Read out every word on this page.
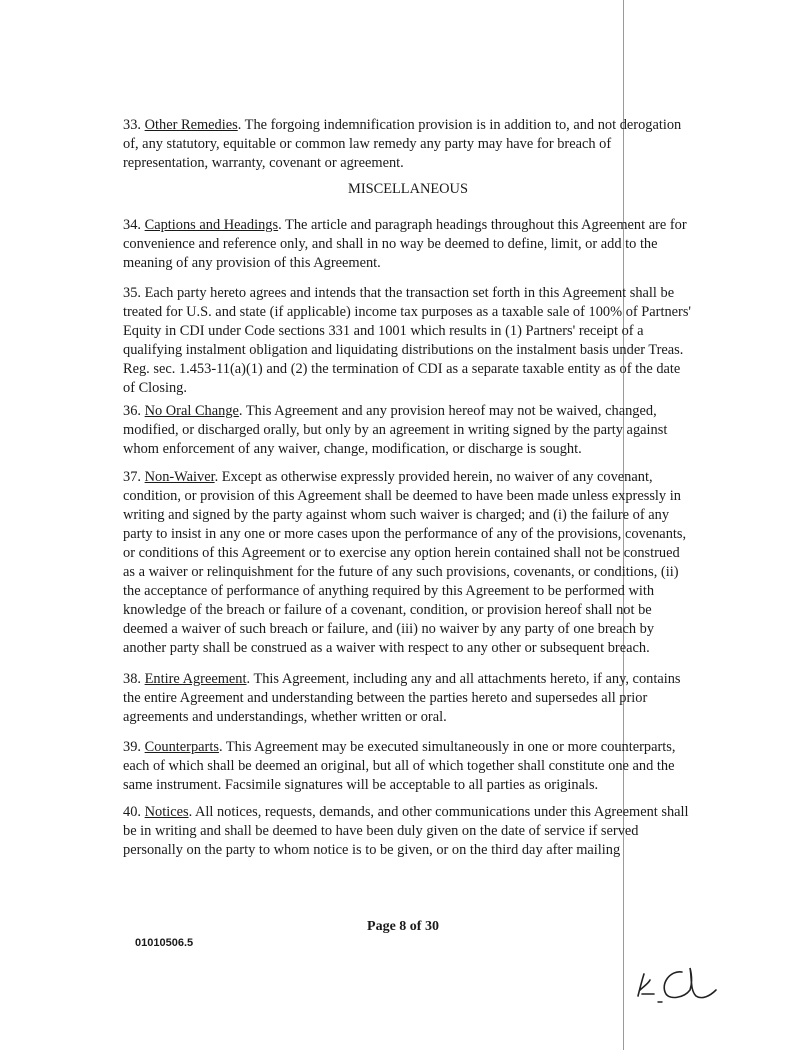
33. Other Remedies. The forgoing indemnification provision is in addition to, and not derogation of, any statutory, equitable or common law remedy any party may have for breach of representation, warranty, covenant or agreement.
MISCELLANEOUS
34. Captions and Headings. The article and paragraph headings throughout this Agreement are for convenience and reference only, and shall in no way be deemed to define, limit, or add to the meaning of any provision of this Agreement.
35. Each party hereto agrees and intends that the transaction set forth in this Agreement shall be treated for U.S. and state (if applicable) income tax purposes as a taxable sale of 100% of Partners' Equity in CDI under Code sections 331 and 1001 which results in (1) Partners' receipt of a qualifying instalment obligation and liquidating distributions on the instalment basis under Treas. Reg. sec. 1.453-11(a)(1) and (2) the termination of CDI as a separate taxable entity as of the date of Closing.
36. No Oral Change. This Agreement and any provision hereof may not be waived, changed, modified, or discharged orally, but only by an agreement in writing signed by the party against whom enforcement of any waiver, change, modification, or discharge is sought.
37. Non-Waiver. Except as otherwise expressly provided herein, no waiver of any covenant, condition, or provision of this Agreement shall be deemed to have been made unless expressly in writing and signed by the party against whom such waiver is charged; and (i) the failure of any party to insist in any one or more cases upon the performance of any of the provisions, covenants, or conditions of this Agreement or to exercise any option herein contained shall not be construed as a waiver or relinquishment for the future of any such provisions, covenants, or conditions, (ii) the acceptance of performance of anything required by this Agreement to be performed with knowledge of the breach or failure of a covenant, condition, or provision hereof shall not be deemed a waiver of such breach or failure, and (iii) no waiver by any party of one breach by another party shall be construed as a waiver with respect to any other or subsequent breach.
38. Entire Agreement. This Agreement, including any and all attachments hereto, if any, contains the entire Agreement and understanding between the parties hereto and supersedes all prior agreements and understandings, whether written or oral.
39. Counterparts. This Agreement may be executed simultaneously in one or more counterparts, each of which shall be deemed an original, but all of which together shall constitute one and the same instrument. Facsimile signatures will be acceptable to all parties as originals.
40. Notices. All notices, requests, demands, and other communications under this Agreement shall be in writing and shall be deemed to have been duly given on the date of service if served personally on the party to whom notice is to be given, or on the third day after mailing
Page 8 of 30
01010506.5
